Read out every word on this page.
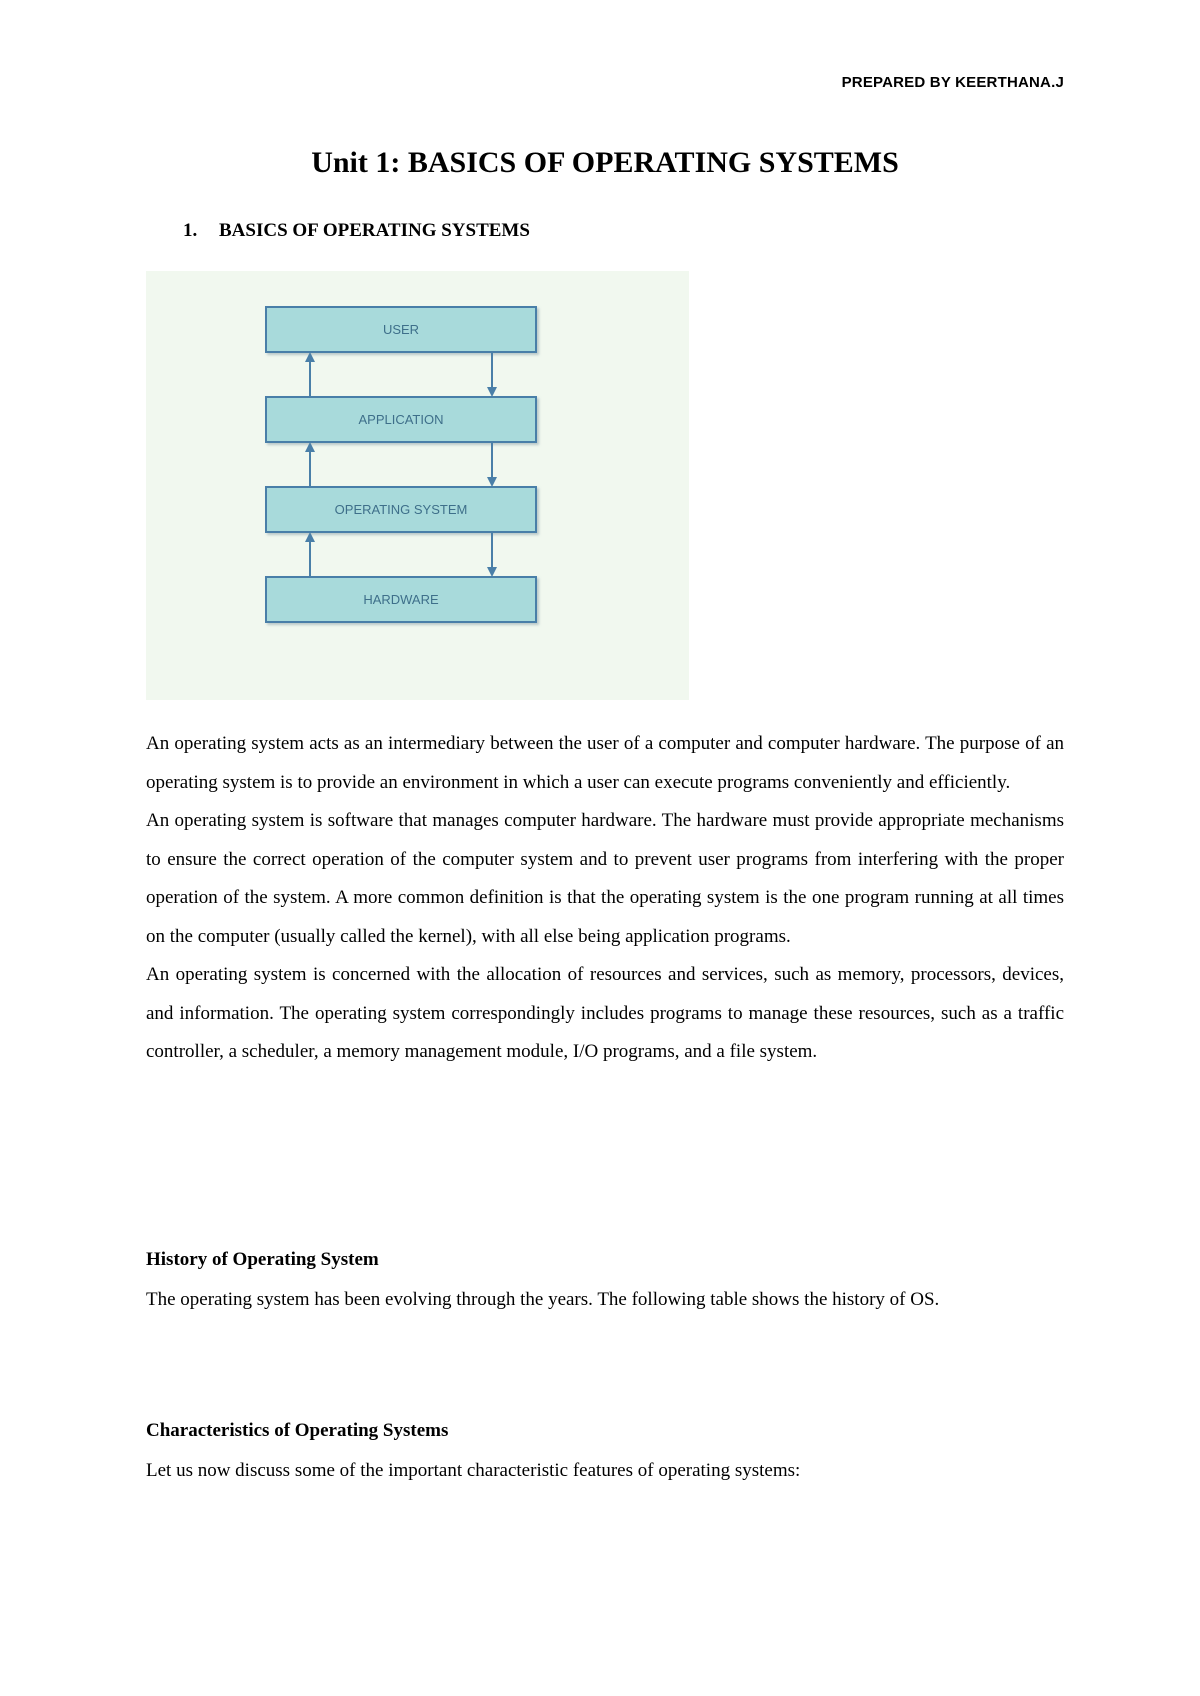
PREPARED BY KEERTHANA.J
Unit 1: BASICS OF OPERATING SYSTEMS
1. BASICS OF OPERATING SYSTEMS
USER
APPLICATION
OPERATING SYSTEM
HARDWARE

An operating system acts as an intermediary between the user of a computer and computer hardware. The purpose of an operating system is to provide an environment in which a user can execute programs conveniently and efficiently.

An operating system is software that manages computer hardware. The hardware must provide appropriate mechanisms to ensure the correct operation of the computer system and to prevent user programs from interfering with the proper operation of the system. A more common definition is that the operating system is the one program running at all times on the computer (usually called the kernel), with all else being application programs.

An operating system is concerned with the allocation of resources and services, such as memory, processors, devices, and information. The operating system correspondingly includes programs to manage these resources, such as a traffic controller, a scheduler, a memory management module, I/O programs, and a file system.

History of Operating System

The operating system has been evolving through the years. The following table shows the history of OS.

Characteristics of Operating Systems

Let us now discuss some of the important characteristic features of operating systems:
